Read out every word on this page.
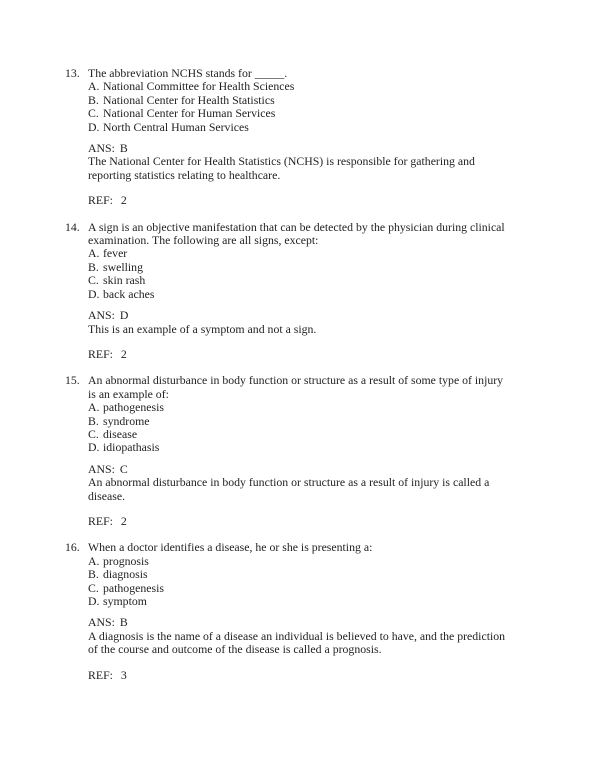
13. The abbreviation NCHS stands for _____.
A. National Committee for Health Sciences
B. National Center for Health Statistics
C. National Center for Human Services
D. North Central Human Services
ANS: B
The National Center for Health Statistics (NCHS) is responsible for gathering and reporting statistics relating to healthcare.
REF: 2
14. A sign is an objective manifestation that can be detected by the physician during clinical examination. The following are all signs, except:
A. fever
B. swelling
C. skin rash
D. back aches
ANS: D
This is an example of a symptom and not a sign.
REF: 2
15. An abnormal disturbance in body function or structure as a result of some type of injury is an example of:
A. pathogenesis
B. syndrome
C. disease
D. idiopathasis
ANS: C
An abnormal disturbance in body function or structure as a result of injury is called a disease.
REF: 2
16. When a doctor identifies a disease, he or she is presenting a:
A. prognosis
B. diagnosis
C. pathogenesis
D. symptom
ANS: B
A diagnosis is the name of a disease an individual is believed to have, and the prediction of the course and outcome of the disease is called a prognosis.
REF: 3
